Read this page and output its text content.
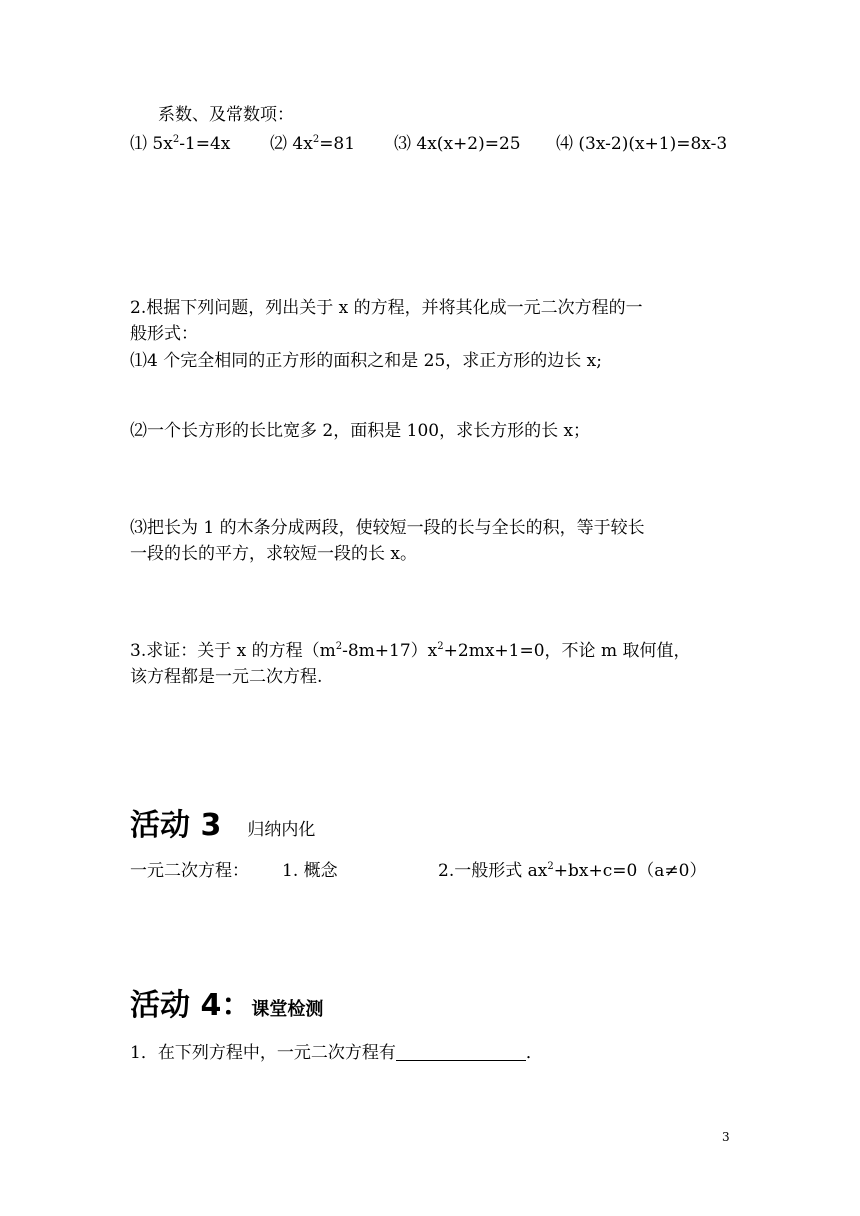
系数、及常数项：
⑴ $5x^2-1=4x$ ⑵ $4x^2=81$ ⑶ 4x(x+2)=25 ⑷ (3x-2)(x+1)=8x-3
2.根据下列问题，列出关于 x 的方程，并将其化成一元二次方程的一
般形式：
⑴4 个完全相同的正方形的面积之和是 25，求正方形的边长 x;
⑵一个长方形的长比宽多 2，面积是 100，求长方形的长 x；
⑶把长为 1 的木条分成两段，使较短一段的长与全长的积，等于较长
一段的长的平方，求较短一段的长 x。
3.求证：关于 x 的方程$(m^2-8m+17)x^2+2mx+1=0$，不论 m 取何值，
该方程都是一元二次方程.
活动 3 归纳内化
一元二次方程： 1. 概念	2.一般形式 $ax^2+bx+c=0(a\ne 0)$
活动 4：课堂检测
1．在下列方程中，一元二次方程有	．
3
